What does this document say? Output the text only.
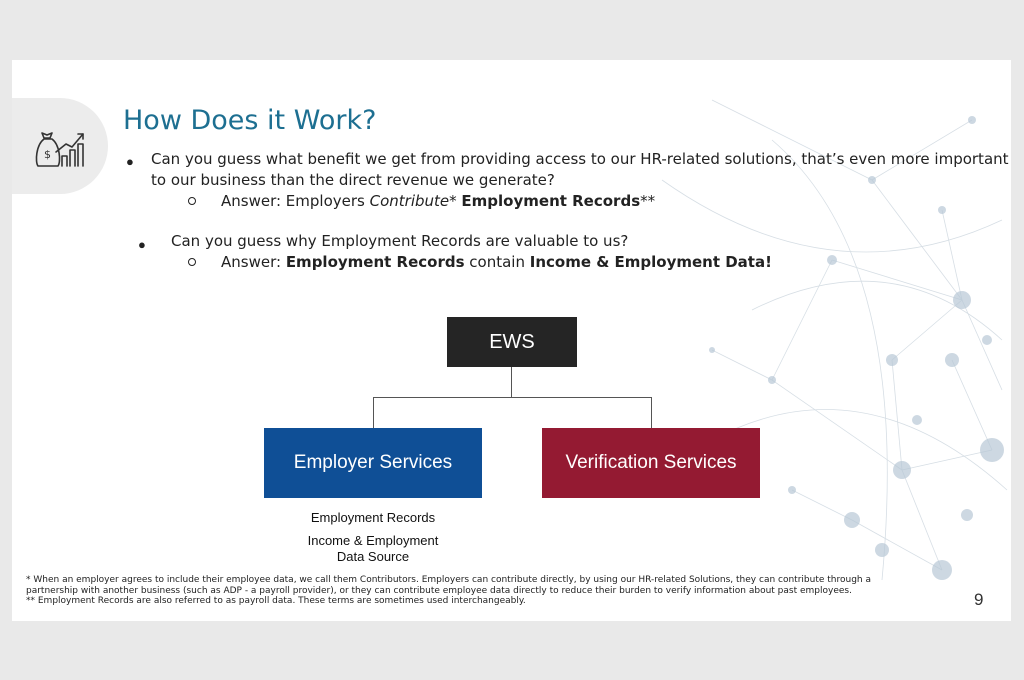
$
How Does it Work?
● Can you guess what benefit we get from providing access to our HR-related solutions, that’s even more important
to our business than the direct revenue we generate?
Answer: Employers Contribute* Employment Records**
● Can you guess why Employment Records are valuable to us?
Answer: Employment Records contain Income & Employment Data!
EWS
Employer Services	Verification Services
Employment Records
Income & Employment
Data Source
* When an employer agrees to include their employee data, we call them Contributors. Employers can contribute directly, by using our HR-related Solutions, they can contribute through a
partnership with another business (such as ADP - a payroll provider), or they can contribute employee data directly to reduce their burden to verify information about past employees.
** Employment Records are also referred to as payroll data. These terms are sometimes used interchangeably.	9
